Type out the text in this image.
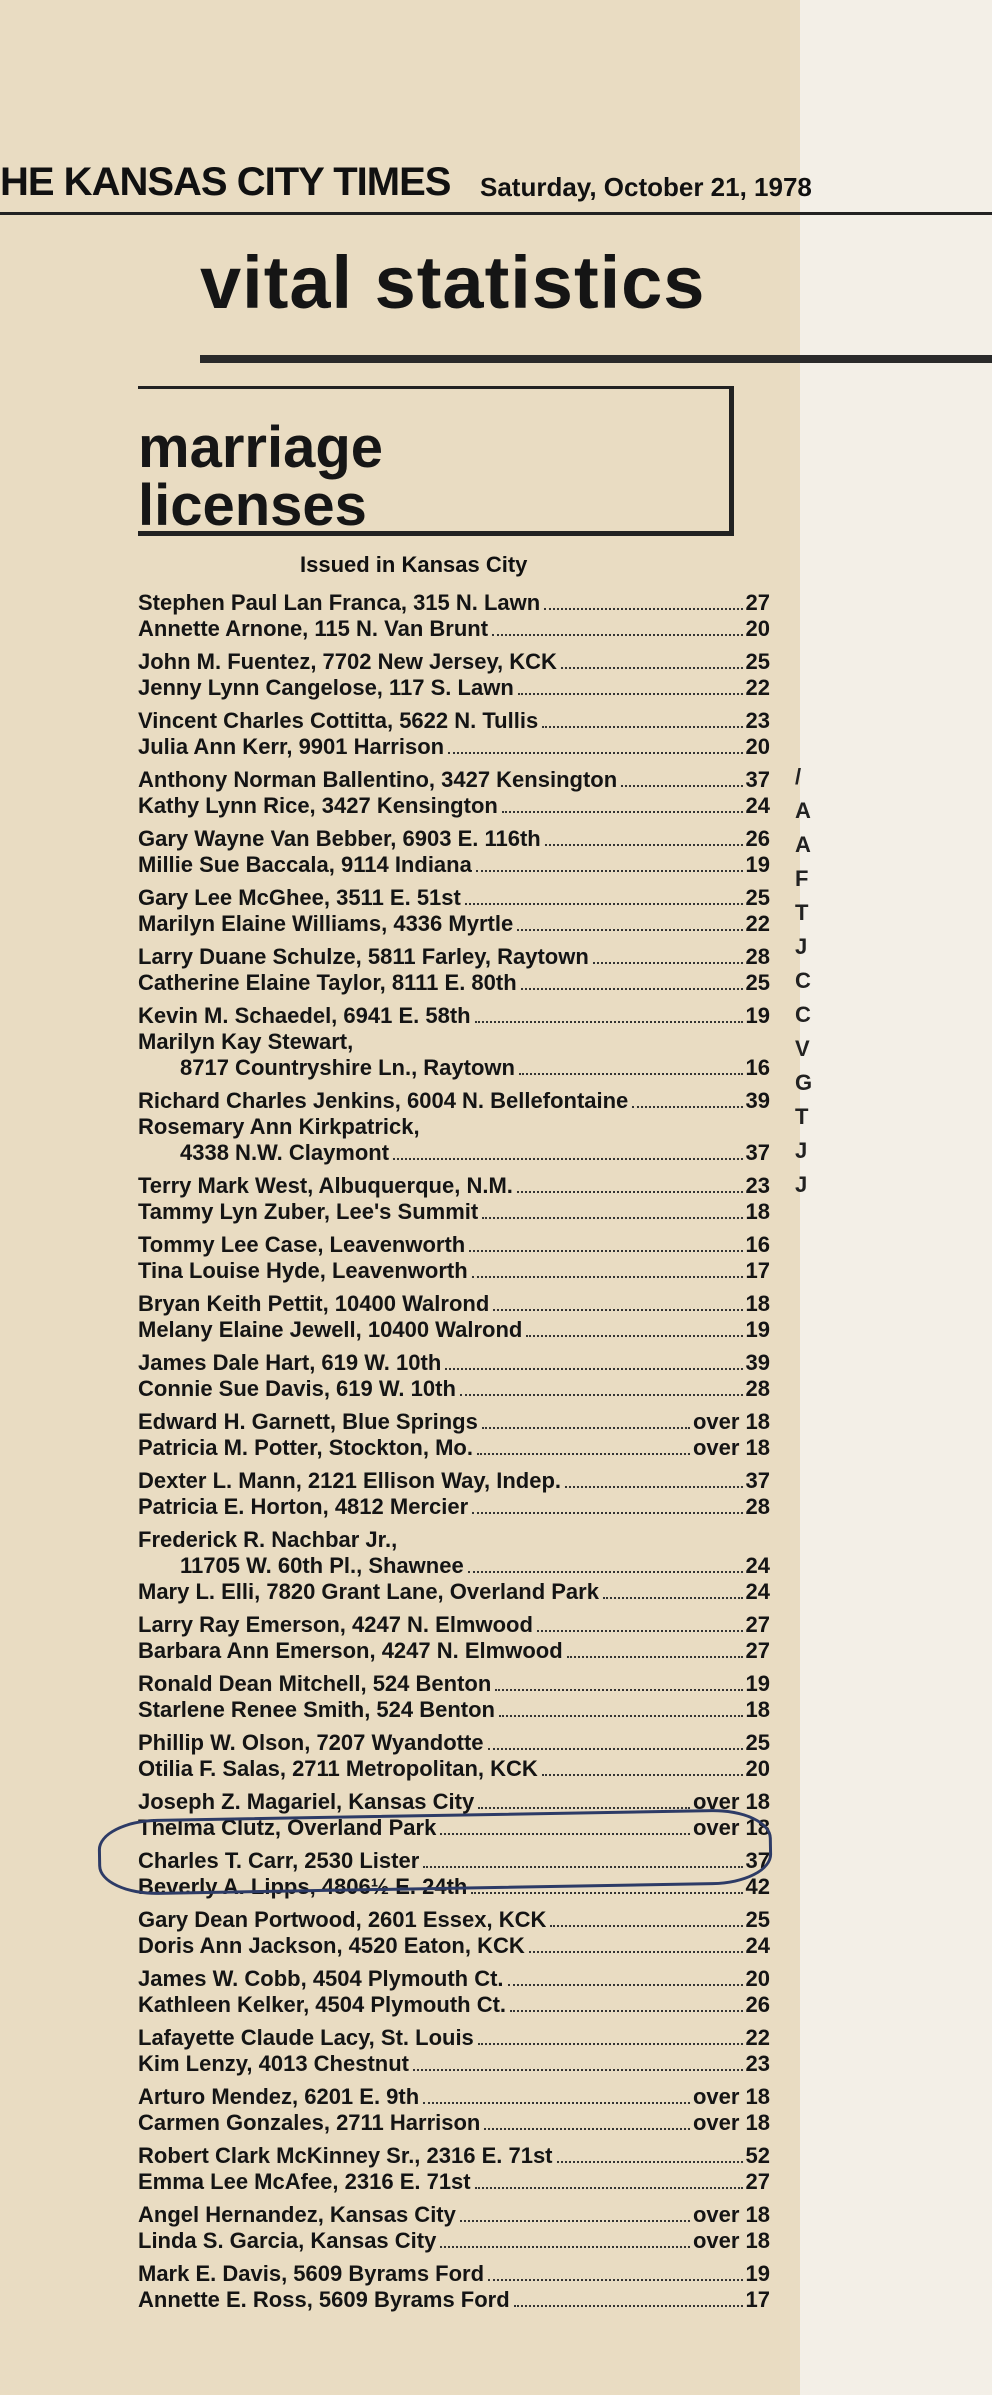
HE KANSAS CITY TIMES Saturday, October 21, 1978
vital statistics
marriage
licenses
Issued in Kansas City
Stephen Paul Lan Franca, 315 N. Lawn	27
Annette Arnone, 115 N. Van Brunt	20
John M. Fuentez, 7702 New Jersey, KCK	25
Jenny Lynn Cangelose, 117 S. Lawn	22
Vincent Charles Cottitta, 5622 N. Tullis	23
Julia Ann Kerr, 9901 Harrison	20
Anthony Norman Ballentino, 3427 Kensington	37
Kathy Lynn Rice, 3427 Kensington	24
Gary Wayne Van Bebber, 6903 E. 116th	26
Millie Sue Baccala, 9114 Indiana	19
Gary Lee McGhee, 3511 E. 51st	25
Marilyn Elaine Williams, 4336 Myrtle	22
Larry Duane Schulze, 5811 Farley, Raytown	28
Catherine Elaine Taylor, 8111 E. 80th	25
Kevin M. Schaedel, 6941 E. 58th	19
Marilyn Kay Stewart,
8717 Countryshire Ln., Raytown	16
Richard Charles Jenkins, 6004 N. Bellefontaine	39
Rosemary Ann Kirkpatrick,
4338 N.W. Claymont	37
Terry Mark West, Albuquerque, N.M.	23
Tammy Lyn Zuber, Lee's Summit	18
Tommy Lee Case, Leavenworth	16
Tina Louise Hyde, Leavenworth	17
Bryan Keith Pettit, 10400 Walrond	18
Melany Elaine Jewell, 10400 Walrond	19
James Dale Hart, 619 W. 10th	39
Connie Sue Davis, 619 W. 10th	28
Edward H. Garnett, Blue Springs	over 18
Patricia M. Potter, Stockton, Mo.	over 18
Dexter L. Mann, 2121 Ellison Way, Indep.	37
Patricia E. Horton, 4812 Mercier	28
Frederick R. Nachbar Jr.,
11705 W. 60th Pl., Shawnee	24
Mary L. Elli, 7820 Grant Lane, Overland Park	24
Larry Ray Emerson, 4247 N. Elmwood	27
Barbara Ann Emerson, 4247 N. Elmwood	27
Ronald Dean Mitchell, 524 Benton	19
Starlene Renee Smith, 524 Benton	18
Phillip W. Olson, 7207 Wyandotte	25
Otilia F. Salas, 2711 Metropolitan, KCK	20
Joseph Z. Magariel, Kansas City	over 18
Thelma Clutz, Overland Park	over 18
Charles T. Carr, 2530 Lister	37
Beverly A. Lipps, 4806½ E. 24th	42
Gary Dean Portwood, 2601 Essex, KCK	25
Doris Ann Jackson, 4520 Eaton, KCK	24
James W. Cobb, 4504 Plymouth Ct.	20
Kathleen Kelker, 4504 Plymouth Ct.	26
Lafayette Claude Lacy, St. Louis	22
Kim Lenzy, 4013 Chestnut	23
Arturo Mendez, 6201 E. 9th	over 18
Carmen Gonzales, 2711 Harrison	over 18
Robert Clark McKinney Sr., 2316 E. 71st	52
Emma Lee McAfee, 2316 E. 71st	27
Angel Hernandez, Kansas City	over 18
Linda S. Garcia, Kansas City	over 18
Mark E. Davis, 5609 Byrams Ford	19
Annette E. Ross, 5609 Byrams Ford	17
/
A
A
F
T
J
C
C
V
G
T
J
J
